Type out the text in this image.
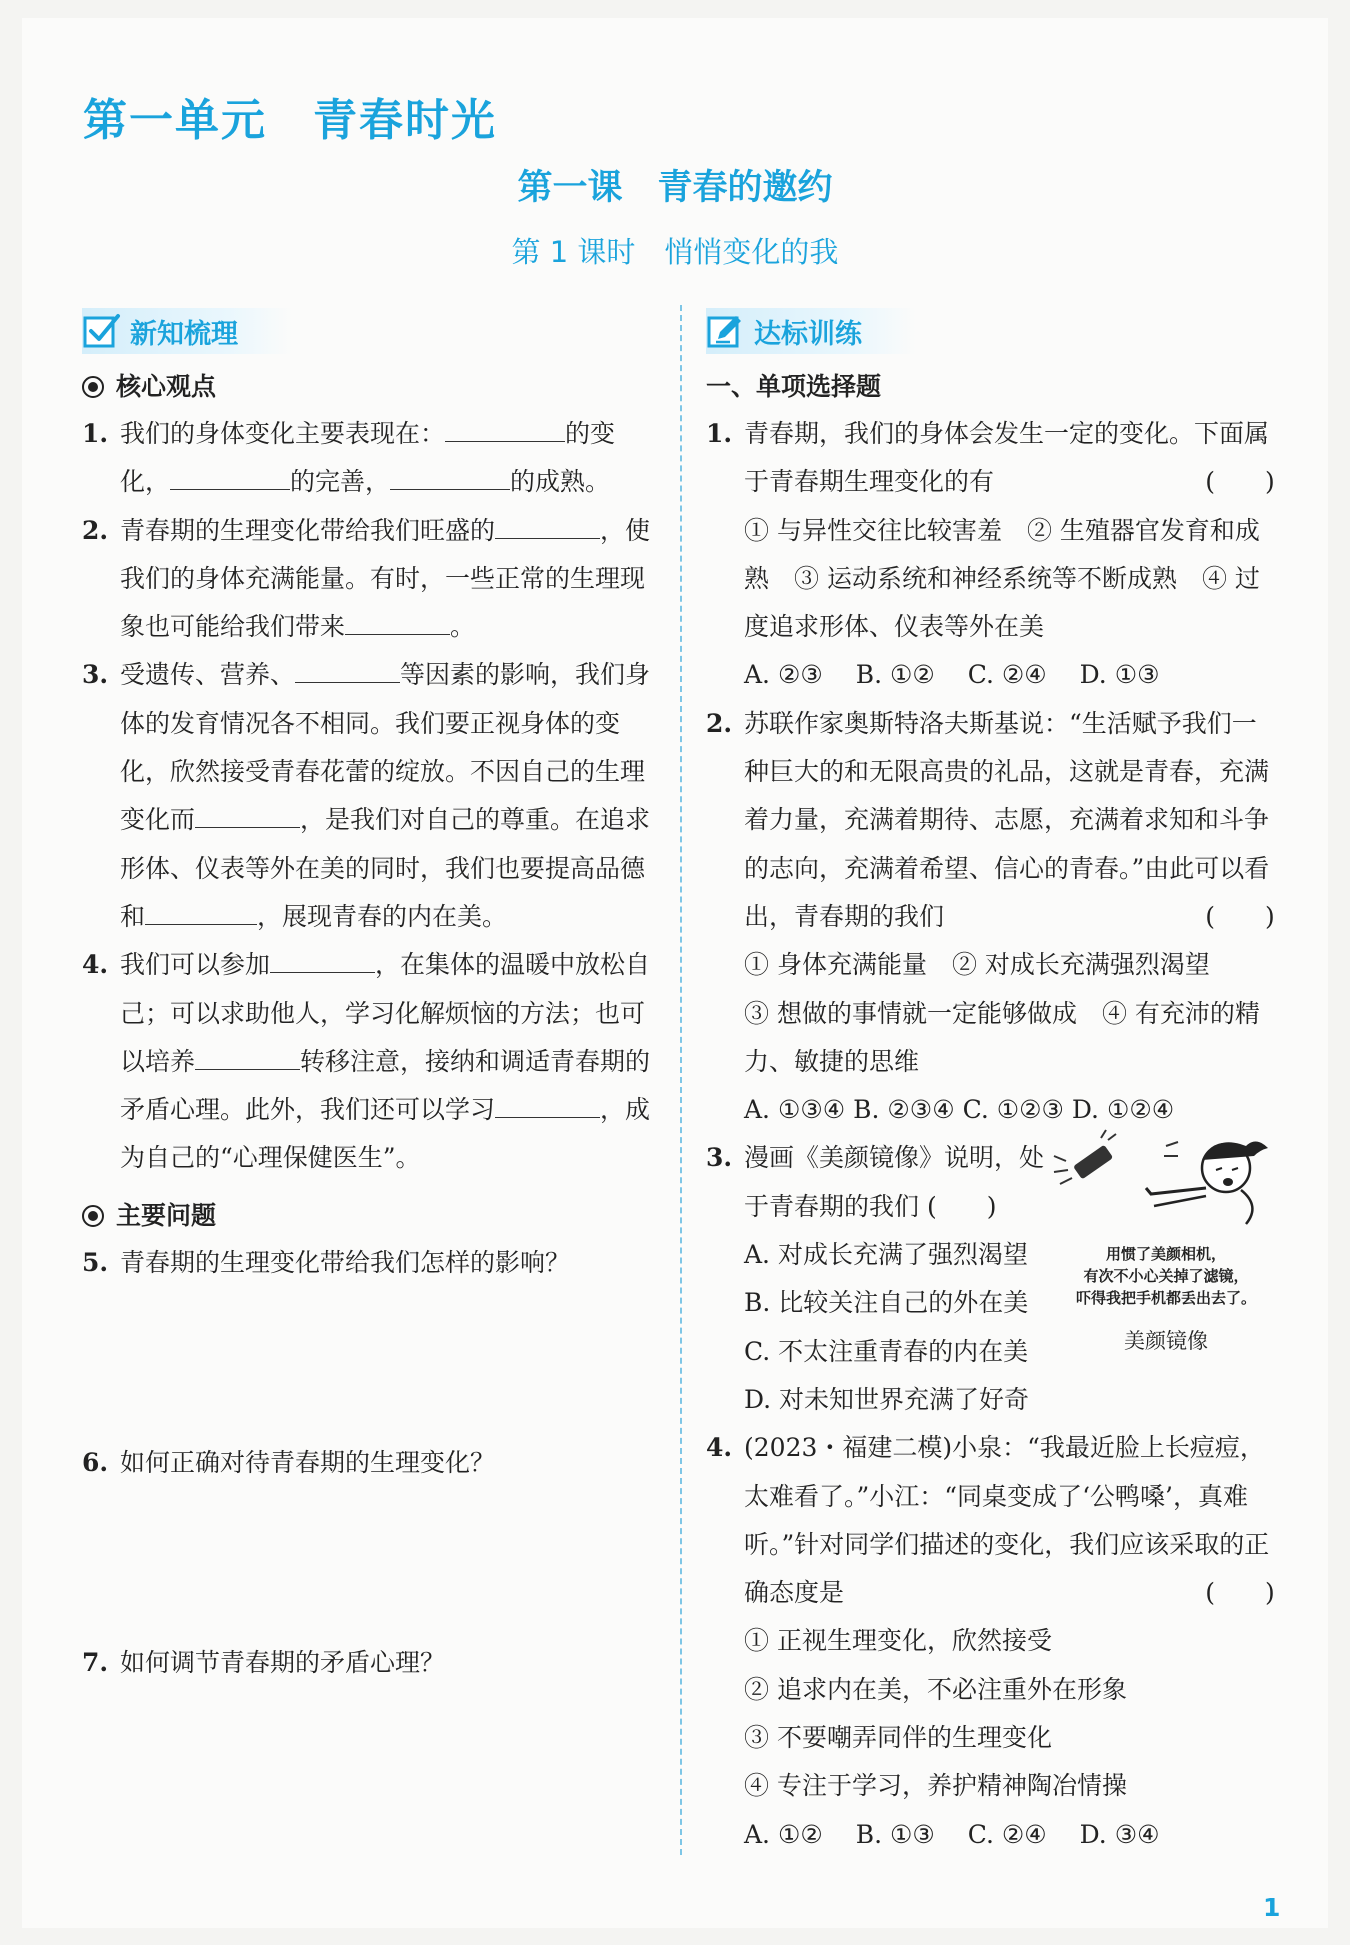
第一单元　青春时光
第一课　青春的邀约
第 1 课时　悄悄变化的我
新知梳理
核心观点
1. 我们的身体变化主要表现在：	的变化，	的完善，	的成熟。
2. 青春期的生理变化带给我们旺盛的	，使我们的身体充满能量。有时，一些正常的生理现象也可能给我们带来	。
3. 受遗传、营养、	等因素的影响，我们身体的发育情况各不相同。我们要正视身体的变化，欣然接受青春花蕾的绽放。不因自己的生理变化而	，是我们对自己的尊重。在追求形体、仪表等外在美的同时，我们也要提高品德和	，展现青春的内在美。
4. 我们可以参加	，在集体的温暖中放松自己；可以求助他人，学习化解烦恼的方法；也可以培养	转移注意，接纳和调适青春期的矛盾心理。此外，我们还可以学习	，成为自己的“心理保健医生”。
主要问题
5. 青春期的生理变化带给我们怎样的影响？
6. 如何正确对待青春期的生理变化？
7. 如何调节青春期的矛盾心理？
达标训练
一、单项选择题
1. 青春期，我们的身体会发生一定的变化。下面属于青春期生理变化的有	(　　)
① 与异性交往比较害羞　② 生殖器官发育和成熟　③ 运动系统和神经系统等不断成熟　④ 过度追求形体、仪表等外在美
A. ②③　 B. ①②　 C. ②④　 D. ①③
2. 苏联作家奥斯特洛夫斯基说：“生活赋予我们一种巨大的和无限高贵的礼品，这就是青春，充满着力量，充满着期待、志愿，充满着求知和斗争的志向，充满着希望、信心的青春。”由此可以看出，青春期的我们	(　　)
① 身体充满能量　② 对成长充满强烈渴望
③ 想做的事情就一定能够做成　④ 有充沛的精力、敏捷的思维
A. ①③④ B. ②③④ C. ①②③ D. ①②④
3. 漫画《美颜镜像》说明，处
于青春期的我们 (　　)
A. 对成长充满了强烈渴望
B. 比较关注自己的外在美
C. 不太注重青春的内在美
D. 对未知世界充满了好奇
用惯了美颜相机，
有次不小心关掉了滤镜，
吓得我把手机都丢出去了。
美颜镜像
4. (2023・福建二模)小泉：“我最近脸上长痘痘，太难看了。”小江：“同桌变成了‘公鸭嗓’，真难听。”针对同学们描述的变化，我们应该采取的正确态度是	(　　)
① 正视生理变化，欣然接受
② 追求内在美，不必注重外在形象
③ 不要嘲弄同伴的生理变化
④ 专注于学习，养护精神陶冶情操
A. ①②　 B. ①③　 C. ②④　 D. ③④
1
